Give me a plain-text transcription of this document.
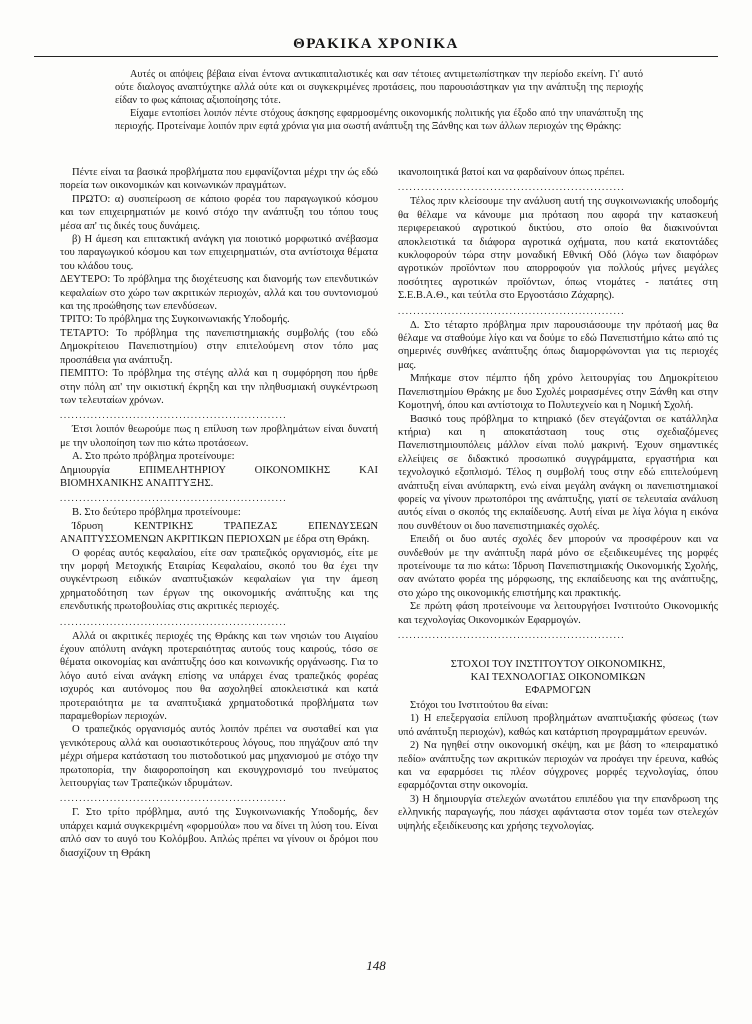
ΘΡΑΚΙΚΑ ΧΡΟΝΙΚΑ

Αυτές οι απόψεις βέβαια είναι έντονα αντικαπιταλιστικές και σαν τέτοιες αντιμετωπίστηκαν την περίοδο εκείνη. Γι' αυτό ούτε διαλογος αναπτύχτηκε αλλά ούτε και οι συγκεκριμένες προτάσεις, που παρουσιάστηκαν για την ανάπτυξη της περιοχής είδαν το φως κάποιας αξιοποίησης τότε.

Είχαμε εντοπίσει λοιπόν πέντε στόχους άσκησης εφαρμοσμένης οικονομικής πολιτικής για έξοδο από την υπανάπτυξη της περιοχής. Προτείναμε λοιπόν πριν εφτά χρόνια για μια σωστή ανάπτυξη της Ξάνθης και των άλλων περιοχών της Θράκης:

Πέντε είναι τα βασικά προβλήματα που εμφανίζονται μέχρι την ώς εδώ πορεία των οικονομικών και κοινωνικών πραγμάτων.

ΠΡΩΤΟ: α) συσπείρωση σε κάποιο φορέα του παραγωγικού κόσμου και των επιχειρηματιών με κοινό στόχο την ανάπτυξη του τόπου τους μέσα απ' τις δικές τους δυνάμεις.

β) Η άμεση και επιτακτική ανάγκη για ποιοτικό μορφωτικό ανέβασμα του παραγωγικού κόσμου και των επιχειρηματιών, στα αντίστοιχα θέματα του κλάδου τους.

ΔΕΥΤΕΡΟ: Το πρόβλημα της διοχέτευσης και διανομής των επενδυτικών κεφαλαίων στο χώρο των ακριτικών περιοχών, αλλά και του συντονισμού και της προώθησης των επενδύσεων.

ΤΡΙΤΟ: Το πρόβλημα της Συγκοινωνιακής Υποδομής.

ΤΕΤΑΡΤΟ: Το πρόβλημα της πανεπιστημιακής συμβολής (του εδώ Δημοκρίτειου Πανεπιστημίου) στην επιτελούμενη στον τόπο μας προσπάθεια για ανάπτυξη.

ΠΕΜΠΤΟ: Το πρόβλημα της στέγης αλλά και η συμφόρηση που ήρθε στην πόλη απ' την οικιστική έκρηξη και την πληθυσμιακή συγκέντρωση των τελευταίων χρόνων.

...........................................................

Έτσι λοιπόν θεωρούμε πως η επίλυση των προβλημάτων είναι δυνατή με την υλοποίηση των πιο κάτω προτάσεων.

Α. Στο πρώτο πρόβλημα προτείνουμε:

Δημιουργία ΕΠΙΜΕΛΗΤΗΡΙΟΥ ΟΙΚΟΝΟΜΙΚΗΣ ΚΑΙ ΒΙΟΜΗΧΑΝΙΚΗΣ ΑΝΑΠΤΥΞΗΣ.

...........................................................

Β. Στο δεύτερο πρόβλημα προτείνουμε:

Ίδρυση ΚΕΝΤΡΙΚΗΣ ΤΡΑΠΕΖΑΣ ΕΠΕΝΔΥΣΕΩΝ ΑΝΑΠΤΥΣΣΟΜΕΝΩΝ ΑΚΡΙΤΙΚΩΝ ΠΕΡΙΟΧΩΝ με έδρα στη Θράκη.

Ο φορέας αυτός κεφαλαίου, είτε σαν τραπεζικός οργανισμός, είτε με την μορφή Μετοχικής Εταιρίας Κεφαλαίου, σκοπό του θα έχει την συγκέντρωση ειδικών αναπτυξιακών κεφαλαίων για την άμεση χρηματοδότηση των έργων της οικονομικής ανάπτυξης και της επενδυτικής πρωτοβουλίας στις ακριτικές περιοχές.

...........................................................

Αλλά οι ακριτικές περιοχές της Θράκης και των νησιών του Αιγαίου έχουν απόλυτη ανάγκη προτεραιότητας αυτούς τους καιρούς, τόσο σε θέματα οικονομίας και ανάπτυξης όσο και κοινωνικής οργάνωσης. Για το λόγο αυτό είναι ανάγκη επίσης να υπάρχει ένας τραπεζικός φορέας ισχυρός και αυτόνομος που θα ασχοληθεί αποκλειστικά και κατά προτεραιότητα με τα αναπτυξιακά χρηματοδοτικά προβλήματα των παραμεθορίων περιοχών.

Ο τραπεζικός οργανισμός αυτός λοιπόν πρέπει να συσταθεί και για γενικότερους αλλά και ουσιαστικότερους λόγους, που πηγάζουν από την μέχρι σήμερα κατάσταση του πιστοδοτικού μας μηχανισμού με στόχο την πρωτοπορία, την διαφοροποίηση και εκσυγχρονισμό του πνεύματος λειτουργίας των Τραπεζικών ιδρυμάτων.

...........................................................

Γ. Στο τρίτο πρόβλημα, αυτό της Συγκοινωνιακής Υποδομής, δεν υπάρχει καμιά συγκεκριμένη «φορμούλα» που να δίνει τη λύση του. Είναι απλό σαν το αυγό του Κολόμβου. Απλώς πρέπει να γίνουν οι δρόμοι που διασχίζουν τη Θράκη

ικανοποιητικά βατοί και να φαρδαίνουν όπως πρέπει.

...........................................................

Τέλος πριν κλείσουμε την ανάλυση αυτή της συγκοινωνιακής υποδομής θα θέλαμε να κάνουμε μια πρόταση που αφορά την κατασκευή περιφερειακού αγροτικού δικτύου, στο οποίο θα διακινούνται αποκλειστικά τα διάφορα αγροτικά οχήματα, που κατά εκατοντάδες κυκλοφορούν τώρα στην μοναδική Εθνική Οδό (λόγω των διαφόρων αγροτικών προϊόντων που απορροφούν για πολλούς μήνες μεγάλες ποσότητες αγροτικών προϊόντων, όπως ντομάτες - πατάτες στη Σ.Ε.Β.Α.Θ., και τεύτλα στο Εργοστάσιο Ζάχαρης).

...........................................................

Δ. Στο τέταρτο πρόβλημα πριν παρουσιάσουμε την πρότασή μας θα θέλαμε να σταθούμε λίγο και να δούμε το εδώ Πανεπιστήμιο κάτω από τις σημερινές συνθήκες ανάπτυξης όπως διαμορφώνονται για τις περιοχές μας.

Μπήκαμε στον πέμπτο ήδη χρόνο λειτουργίας του Δημοκρίτειου Πανεπιστημίου Θράκης με δυο Σχολές μοιρασμένες στην Ξάνθη και στην Κομοτηνή, όπου και αντίστοιχα το Πολυτεχνείο και η Νομική Σχολή.

Βασικό τους πρόβλημα το κτηριακό (δεν στεγάζονται σε κατάλληλα κτήρια) και η αποκατάσταση τους στις σχεδιαζόμενες Πανεπιστημιουπόλεις μάλλον είναι πολύ μακρινή. Έχουν σημαντικές ελλείψεις σε διδακτικό προσωπικό συγγράμματα, εργαστήρια και τεχνολογικό εξοπλισμό. Τέλος η συμβολή τους στην εδώ επιτελούμενη ανάπτυξη είναι ανύπαρκτη, ενώ είναι μεγάλη ανάγκη οι πανεπιστημιακοί φορείς να γίνουν πρωτοπόροι της ανάπτυξης, γιατί σε τελευταία ανάλυση αυτός είναι ο σκοπός της εκπαίδευσης. Αυτή είναι με λίγα λόγια η εικόνα που συνθέτουν οι δυο πανεπιστημιακές σχολές.

Επειδή οι δυο αυτές σχολές δεν μπορούν να προσφέρουν και να συνδεθούν με την ανάπτυξη παρά μόνο σε εξειδικευμένες της μορφές προτείνουμε τα πιο κάτω: Ίδρυση Πανεπιστημιακής Οικονομικής Σχολής, σαν ανώτατο φορέα της μόρφωσης, της εκπαίδευσης και της ανάπτυξης, στο χώρο της οικονομικής επιστήμης και πρακτικής.

Σε πρώτη φάση προτείνουμε να λειτουργήσει Ινστιτούτο Οικονομικής και τεχνολογίας Οικονομικών Εφαρμογών.

...........................................................
ΣΤΟΧΟΙ ΤΟΥ ΙΝΣΤΙΤΟΥΤΟΥ ΟΙΚΟΝΟΜΙΚΗΣ,
ΚΑΙ ΤΕΧΝΟΛΟΓΙΑΣ ΟΙΚΟΝΟΜΙΚΩΝ
ΕΦΑΡΜΟΓΩΝ

Στόχοι του Ινστιτούτου θα είναι:

1) Η επεξεργασία επίλυση προβλημάτων αναπτυξιακής φύσεως (των υπό ανάπτυξη περιοχών), καθώς και κατάρτιση προγραμμάτων ερευνών.

2) Να ηγηθεί στην οικονομική σκέψη, και με βάση το «πειραματικό πεδίο» ανάπτυξης των ακριτικών περιοχών να προάγει την έρευνα, καθώς και να εφαρμόσει τις πλέον σύγχρονες μορφές τεχνολογίας, όπου εφαρμόζονται στην οικονομία.

3) Η δημιουργία στελεχών ανωτάτου επιπέδου για την επανδρωση της ελληνικής παραγωγής, που πάσχει αφάνταστα στον τομέα των στελεχών υψηλής εξειδίκευσης και χρήσης τεχνολογίας.

148
